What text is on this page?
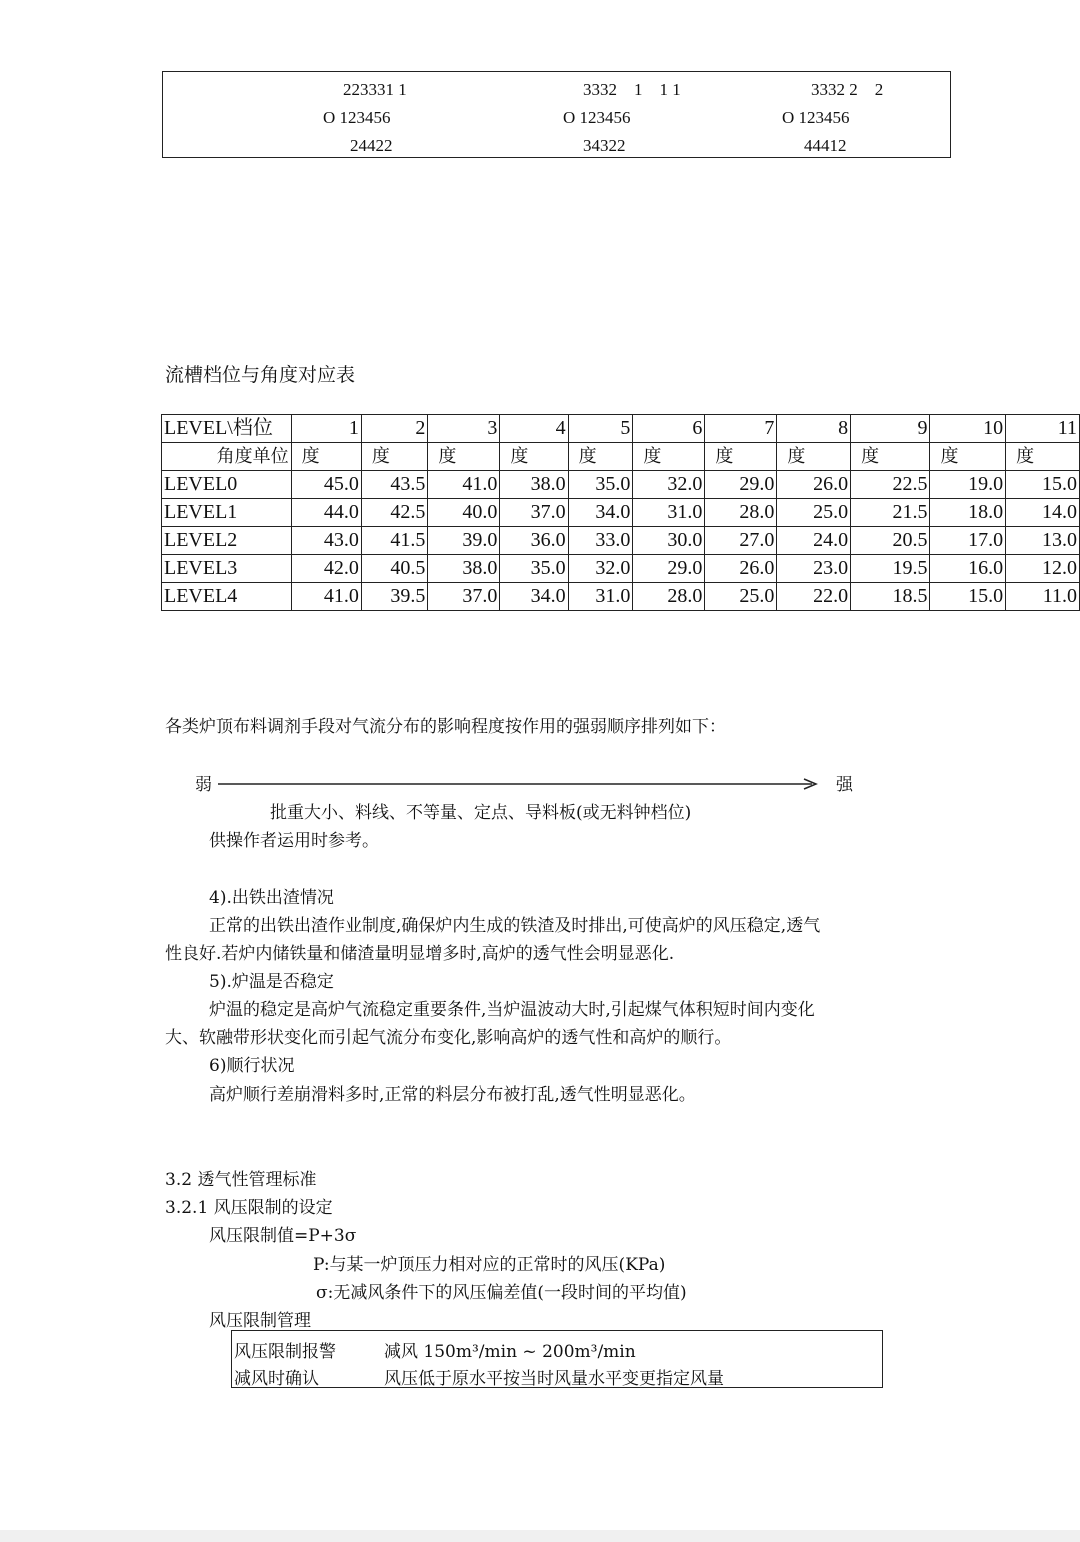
223331 1	3332    1    1 1	3332 2    2
O 123456	O 123456	O 123456
24422	34322	44412
流槽档位与角度对应表
LEVEL\档位	1	2	3	4	5	6	7	8	9	10	11
角度单位	度	度	度	度	度	度	度	度	度	度	度
LEVEL0	45.0	43.5	41.0	38.0	35.0	32.0	29.0	26.0	22.5	19.0	15.0
LEVEL1	44.0	42.5	40.0	37.0	34.0	31.0	28.0	25.0	21.5	18.0	14.0
LEVEL2	43.0	41.5	39.0	36.0	33.0	30.0	27.0	24.0	20.5	17.0	13.0
LEVEL3	42.0	40.5	38.0	35.0	32.0	29.0	26.0	23.0	19.5	16.0	12.0
LEVEL4	41.0	39.5	37.0	34.0	31.0	28.0	25.0	22.0	18.5	15.0	11.0
各类炉顶布料调剂手段对气流分布的影响程度按作用的强弱顺序排列如下：
弱	强
批重大小、料线、不等量、定点、导料板(或无料钟档位)
供操作者运用时参考。
4).出铁出渣情况
正常的出铁出渣作业制度,确保炉内生成的铁渣及时排出,可使高炉的风压稳定,透气
性良好.若炉内储铁量和储渣量明显增多时,高炉的透气性会明显恶化.
5).炉温是否稳定
炉温的稳定是高炉气流稳定重要条件,当炉温波动大时,引起煤气体积短时间内变化
大、软融带形状变化而引起气流分布变化,影响高炉的透气性和高炉的顺行。
6)顺行状况
高炉顺行差崩滑料多时,正常的料层分布被打乱,透气性明显恶化。
3.2 透气性管理标准
3.2.1 风压限制的设定
风压限制值=P+3σ
P:与某一炉顶压力相对应的正常时的风压(KPa)
σ:无减风条件下的风压偏差值(一段时间的平均值)
风压限制管理
风压限制报警	减风 150m³/min ~ 200m³/min
减风时确认	风压低于原水平按当时风量水平变更指定风量
